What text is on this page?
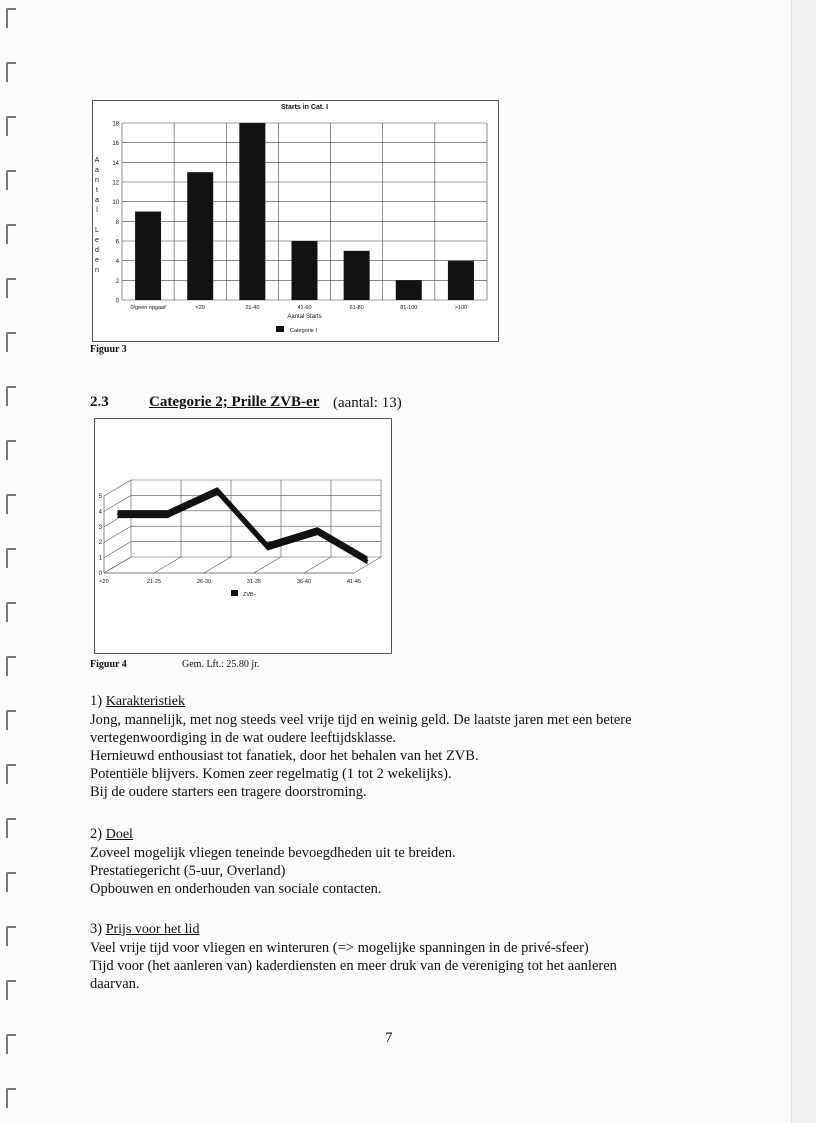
Starts in Cat. I
0
2
4
6
8
10
12
14
16
18
A
a
n
t
a
l
L
e
d
e
n
0/geen opgaaf	<20	21-40	41-60	61-80	81-100	>100
Aantal Starts
Categorie I
Figuur 3
2.3	Categorie 2; Prille ZVB-er (aantal: 13)
0
1
2
3
4
5
<20	21-25	26-30	31-35	36-40	41-45
ZVB-
Figuur 4	Gem. Lft.: 25.80 jr.
1) Karakteristiek
Jong, mannelijk, met nog steeds veel vrije tijd en weinig geld. De laatste jaren met een betere
vertegenwoordiging in de wat oudere leeftijdsklasse.
Hernieuwd enthousiast tot fanatiek, door het behalen van het ZVB.
Potentiële blijvers. Komen zeer regelmatig (1 tot 2 wekelijks).
Bij de oudere starters een tragere doorstroming.
2) Doel
Zoveel mogelijk vliegen teneinde bevoegdheden uit te breiden.
Prestatiegericht (5-uur, Overland)
Opbouwen en onderhouden van sociale contacten.
3) Prijs voor het lid
Veel vrije tijd voor vliegen en winteruren (=> mogelijke spanningen in de privé-sfeer)
Tijd voor (het aanleren van) kaderdiensten en meer druk van de vereniging tot het aanleren
daarvan.
7
